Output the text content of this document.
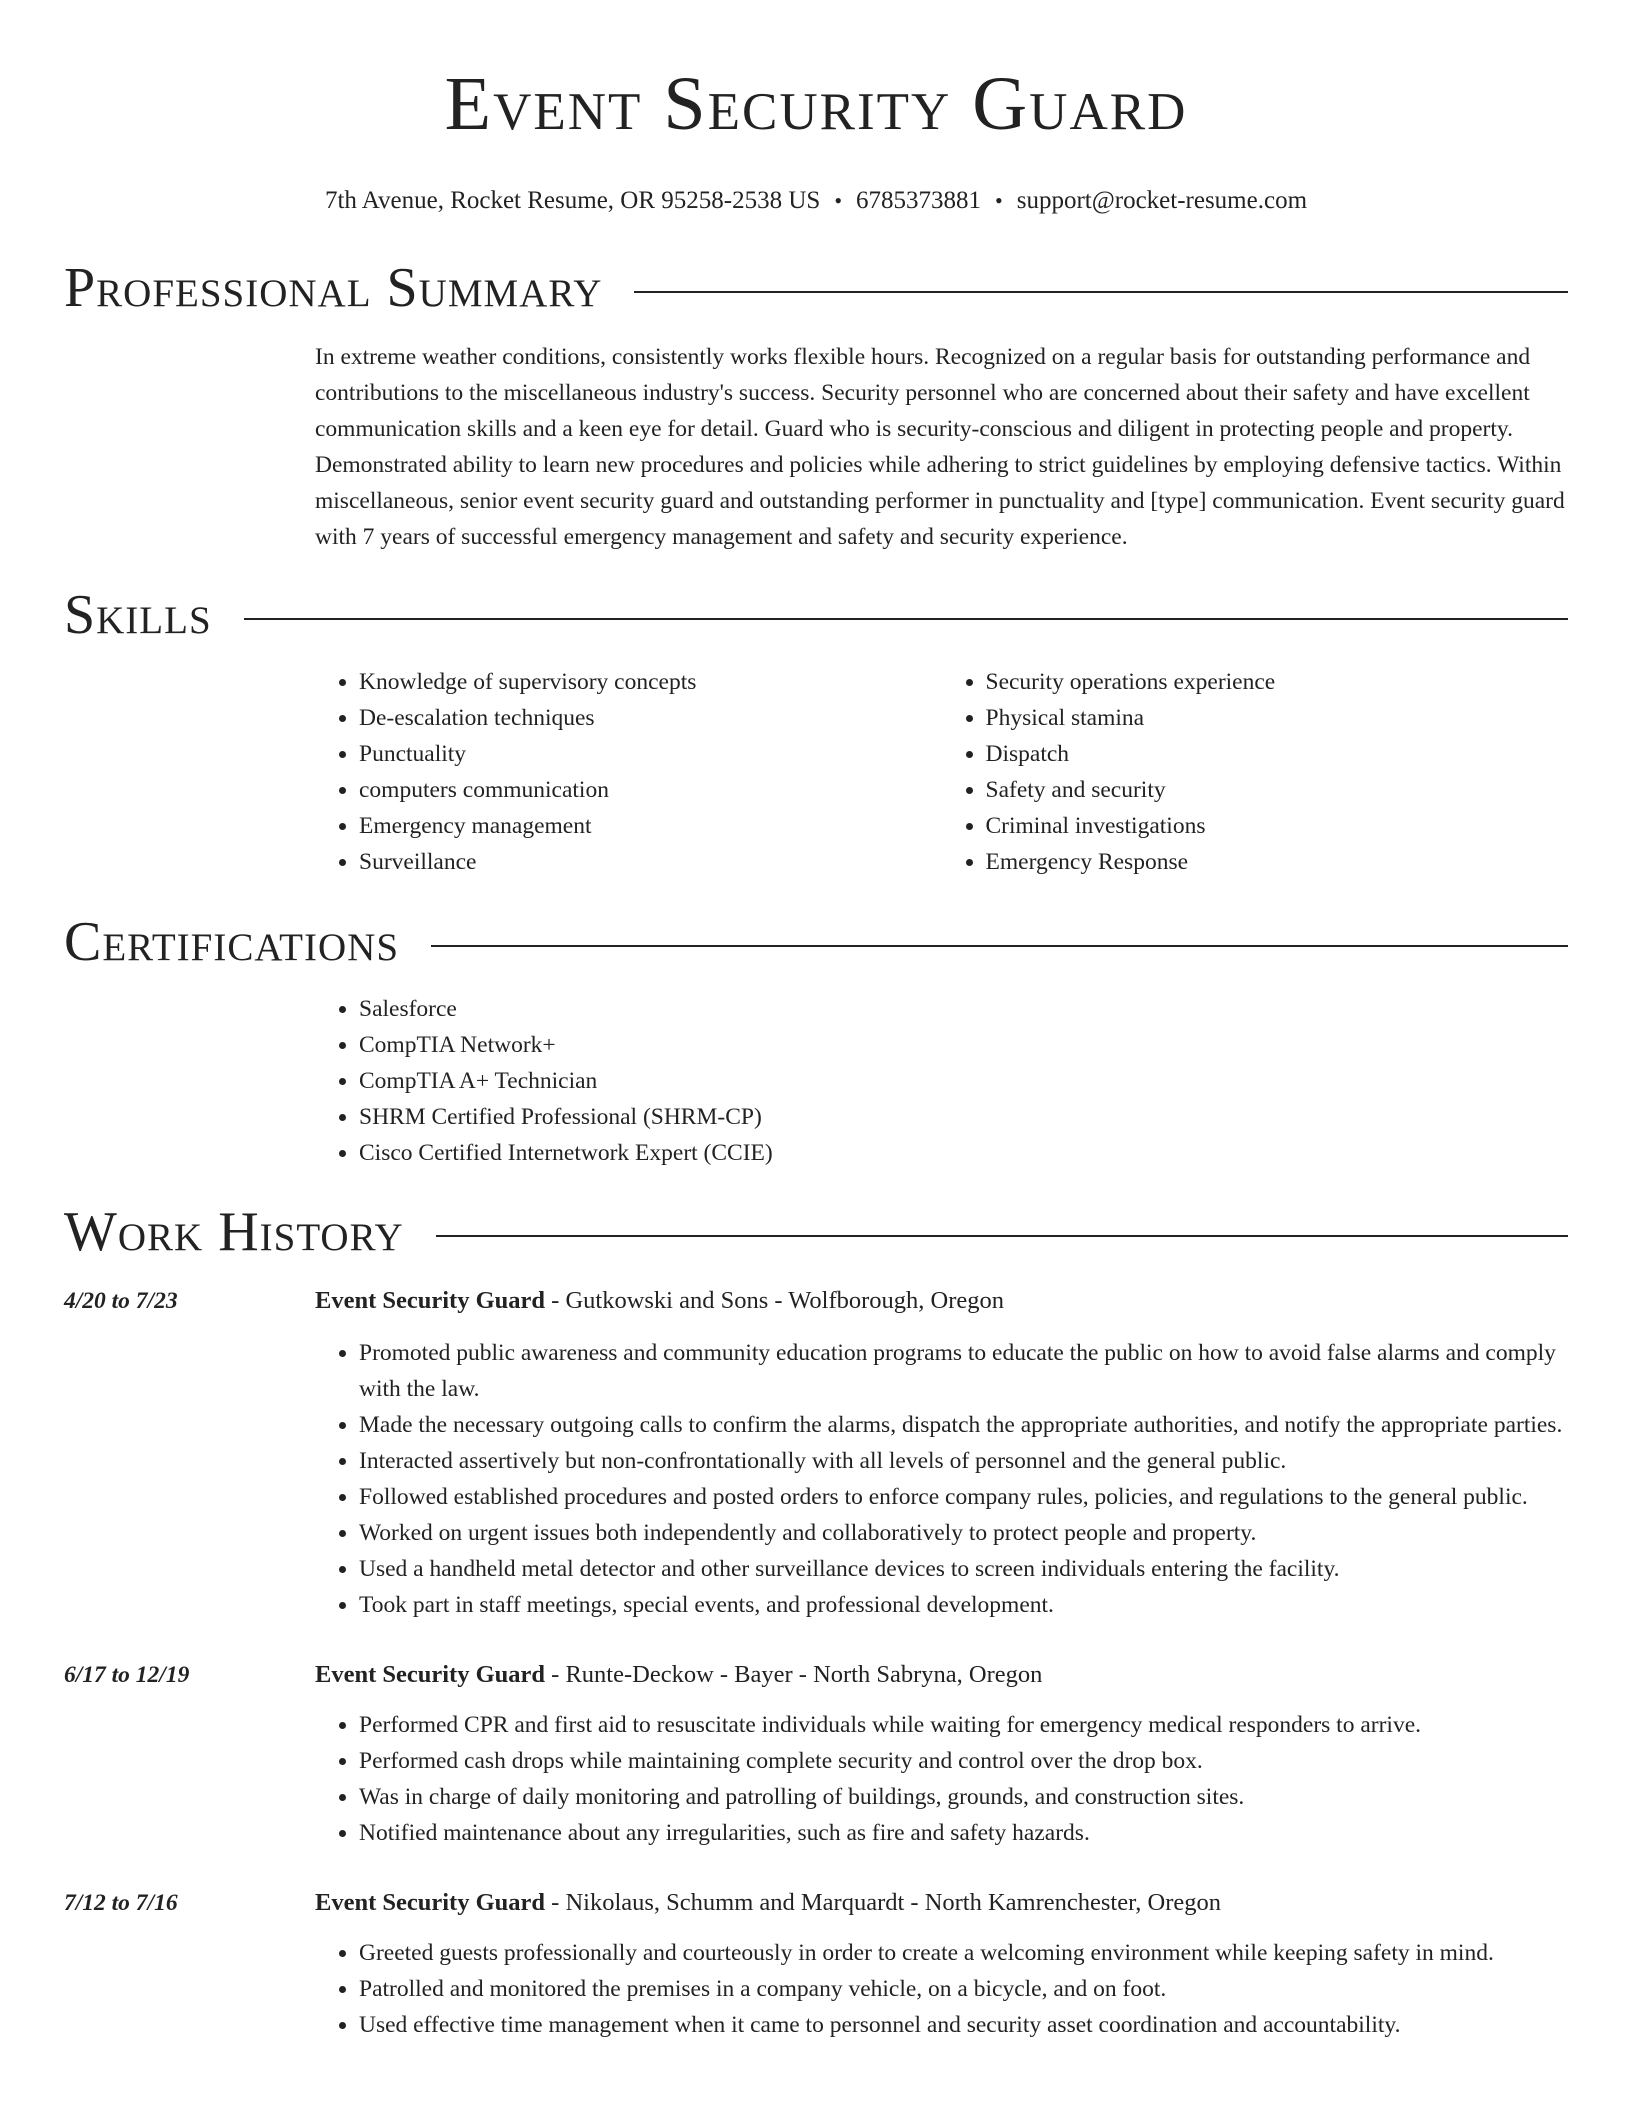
Event Security Guard
7th Avenue, Rocket Resume, OR 95258-2538 US • 6785373881 • support@rocket-resume.com
Professional Summary

In extreme weather conditions, consistently works flexible hours. Recognized on a regular basis for outstanding performance and contributions to the miscellaneous industry's success. Security personnel who are concerned about their safety and have excellent communication skills and a keen eye for detail. Guard who is security-conscious and diligent in protecting people and property. Demonstrated ability to learn new procedures and policies while adhering to strict guidelines by employing defensive tactics. Within miscellaneous, senior event security guard and outstanding performer in punctuality and [type] communication. Event security guard with 7 years of successful emergency management and safety and security experience.

Skills
• Knowledge of supervisory concepts
• De-escalation techniques
• Punctuality
• computers communication
• Emergency management
• Surveillance
• Security operations experience
• Physical stamina
• Dispatch
• Safety and security
• Criminal investigations
• Emergency Response
Certifications
• Salesforce
• CompTIA Network+
• CompTIA A+ Technician
• SHRM Certified Professional (SHRM-CP)
• Cisco Certified Internetwork Expert (CCIE)
Work History
4/20 to 7/23	Event Security Guard - Gutkowski and Sons - Wolfborough, Oregon
• Promoted public awareness and community education programs to educate the public on how to avoid false alarms and comply with the law.
• Made the necessary outgoing calls to confirm the alarms, dispatch the appropriate authorities, and notify the appropriate parties.
• Interacted assertively but non-confrontationally with all levels of personnel and the general public.
• Followed established procedures and posted orders to enforce company rules, policies, and regulations to the general public.
• Worked on urgent issues both independently and collaboratively to protect people and property.
• Used a handheld metal detector and other surveillance devices to screen individuals entering the facility.
• Took part in staff meetings, special events, and professional development.
6/17 to 12/19	Event Security Guard - Runte-Deckow - Bayer - North Sabryna, Oregon
• Performed CPR and first aid to resuscitate individuals while waiting for emergency medical responders to arrive.
• Performed cash drops while maintaining complete security and control over the drop box.
• Was in charge of daily monitoring and patrolling of buildings, grounds, and construction sites.
• Notified maintenance about any irregularities, such as fire and safety hazards.
7/12 to 7/16	Event Security Guard - Nikolaus, Schumm and Marquardt - North Kamrenchester, Oregon
• Greeted guests professionally and courteously in order to create a welcoming environment while keeping safety in mind.
• Patrolled and monitored the premises in a company vehicle, on a bicycle, and on foot.
• Used effective time management when it came to personnel and security asset coordination and accountability.
